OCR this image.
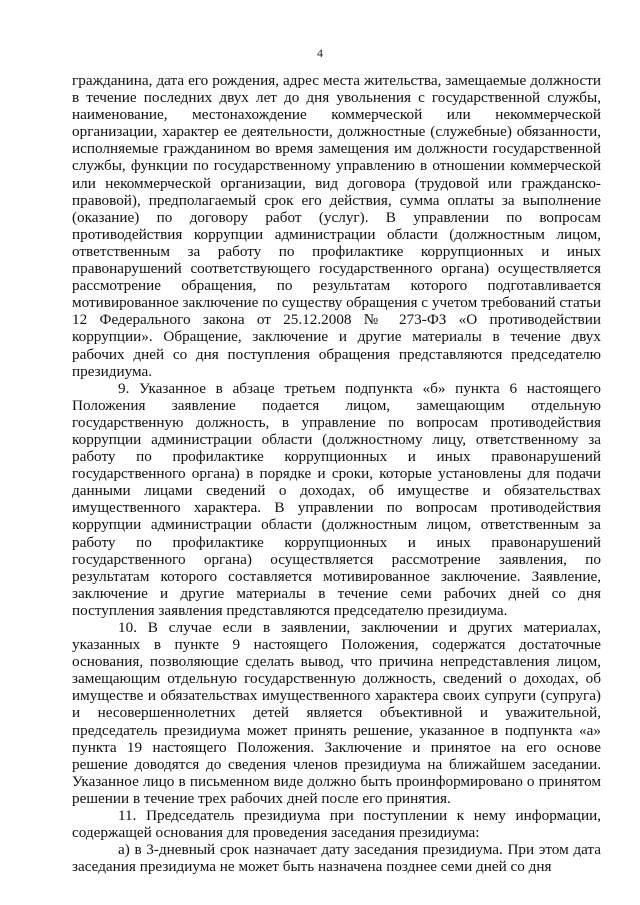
4

гражданина, дата его рождения, адрес места жительства, замещаемые должности в течение последних двух лет до дня увольнения с государственной службы, наименование, местонахождение коммерческой или некоммерческой организации, характер ее деятельности, должностные (служебные) обязанности, исполняемые гражданином во время замещения им должности государственной службы, функции по государственному управлению в отношении коммерческой или некоммерческой организации, вид договора (трудовой или гражданско-правовой), предполагаемый срок его действия, сумма оплаты за выполнение (оказание) по договору работ (услуг). В управлении по вопросам противодействия коррупции администрации области (должностным лицом, ответственным за работу по профилактике коррупционных и иных правонарушений соответствующего государственного органа) осуществляется рассмотрение обращения, по результатам которого подготавливается мотивированное заключение по существу обращения с учетом требований статьи 12 Федерального закона от 25.12.2008 № 273-ФЗ «О противодействии коррупции». Обращение, заключение и другие материалы в течение двух рабочих дней со дня поступления обращения представляются председателю президиума.

9. Указанное в абзаце третьем подпункта «б» пункта 6 настоящего Положения заявление подается лицом, замещающим отдельную государственную должность, в управление по вопросам противодействия коррупции администрации области (должностному лицу, ответственному за работу по профилактике коррупционных и иных правонарушений государственного органа) в порядке и сроки, которые установлены для подачи данными лицами сведений о доходах, об имуществе и обязательствах имущественного характера. В управлении по вопросам противодействия коррупции администрации области (должностным лицом, ответственным за работу по профилактике коррупционных и иных правонарушений государственного органа) осуществляется рассмотрение заявления, по результатам которого составляется мотивированное заключение. Заявление, заключение и другие материалы в течение семи рабочих дней со дня поступления заявления представляются председателю президиума.

10. В случае если в заявлении, заключении и других материалах, указанных в пункте 9 настоящего Положения, содержатся достаточные основания, позволяющие сделать вывод, что причина непредставления лицом, замещающим отдельную государственную должность, сведений о доходах, об имуществе и обязательствах имущественного характера своих супруги (супруга) и несовершеннолетних детей является объективной и уважительной, председатель президиума может принять решение, указанное в подпункта «а» пункта 19 настоящего Положения. Заключение и принятое на его основе решение доводятся до сведения членов президиума на ближайшем заседании. Указанное лицо в письменном виде должно быть проинформировано о принятом решении в течение трех рабочих дней после его принятия.

11. Председатель президиума при поступлении к нему информации, содержащей основания для проведения заседания президиума:

а) в 3-дневный срок назначает дату заседания президиума. При этом дата заседания президиума не может быть назначена позднее семи дней со дня
